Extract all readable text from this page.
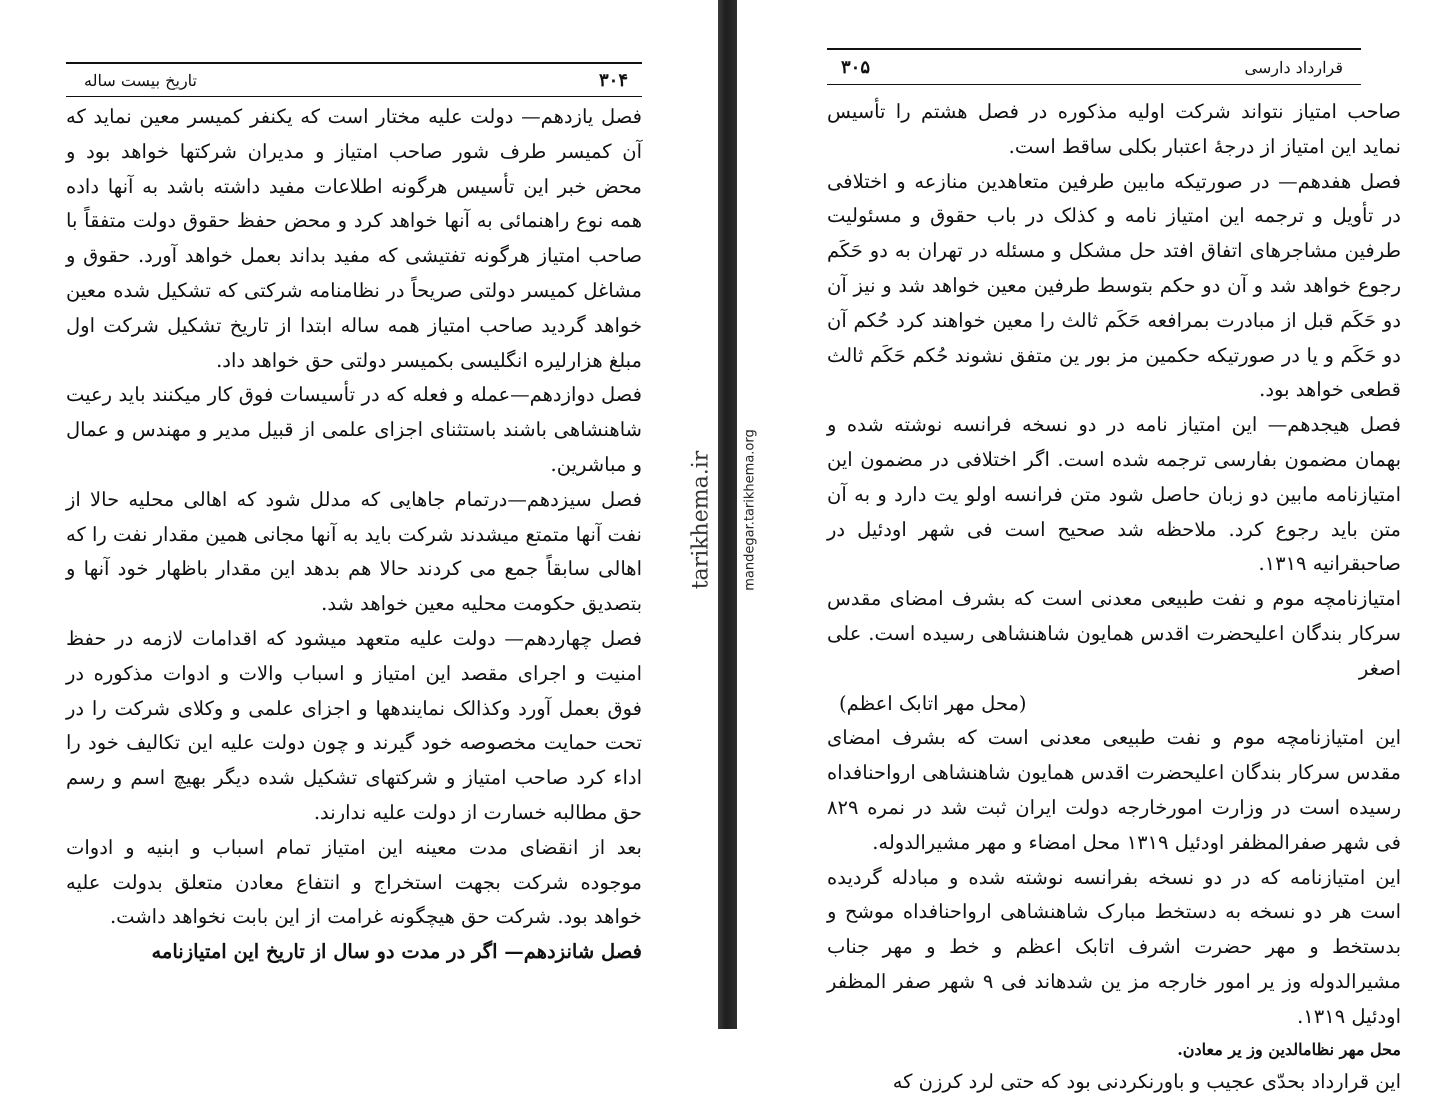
تاریخ بیست ساله	۳۰۴

فصل یازدهم— دولت علیه مختار است که یکنفر کمیسر معین نماید که آن کمیسر طرف شور صاحب امتیاز و مدیران شرکتها خواهد بود و محض خبر این تأسیس هرگونه اطلاعات مفید داشته باشد به آنها داده همه نوع راهنمائی به آنها خواهد کرد و محض حفظ حقوق دولت متفقاً با صاحب امتیاز هرگونه تفتیشی که مفید بداند بعمل خواهد آورد. حقوق و مشاغل کمیسر دولتی صریحاً در نظامنامه شرکتی که تشکیل شده معین خواهد گردید صاحب امتیاز همه ساله ابتدا از تاریخ تشکیل شرکت اول مبلغ هزارلیره انگلیسی بکمیسر دولتی حق خواهد داد.

فصل دوازدهم—عمله و فعله که در تأسیسات فوق کار میکنند باید رعیت شاهنشاهی باشند باستثنای اجزای علمی از قبیل مدیر و مهندس و عمال و مباشرین.

فصل سیزدهم—درتمام جاهایی که مدلل شود که اهالی محلیه حالا از نفت آنها متمتع میشدند شرکت باید به آنها مجانی همین مقدار نفت را که اهالی سابقاً جمع می کردند حالا هم بدهد این مقدار باظهار خود آنها و بتصدیق حکومت محلیه معین خواهد شد.

فصل چهاردهم— دولت علیه متعهد میشود که اقدامات لازمه در حفظ امنیت و اجرای مقصد این امتیاز و اسباب والات و ادوات مذکوره در فوق بعمل آورد وکذالک نمایندهها و اجزای علمی و وکلای شرکت را در تحت حمایت مخصوصه خود گیرند و چون دولت علیه این تکالیف خود را اداء کرد صاحب امتیاز و شرکتهای تشکیل شده دیگر بهیچ اسم و رسم حق مطالبه خسارت از دولت علیه ندارند.

بعد از انقضای مدت معینه این امتیاز تمام اسباب و ابنیه و ادوات موجوده شرکت بجهت استخراج و انتفاع معادن متعلق بدولت علیه خواهد بود. شرکت حق هیچگونه غرامت از این بابت نخواهد داشت.

فصل شانزدهم— اگر در مدت دو سال از تاریخ این امتیازنامه

۳۰۵	قرارداد دارسی

صاحب امتیاز نتواند شرکت اولیه مذکوره در فصل هشتم را تأسیس نماید این امتیاز از درجهٔ اعتبار بکلی ساقط است.

فصل هفدهم— در صورتیکه مابین طرفین متعاهدین منازعه و اختلافی در تأویل و ترجمه این امتیاز نامه و کذلک در باب حقوق و مسئولیت طرفین مشاجرهای اتفاق افتد حل مشکل و مسئله در تهران به دو حَکَم رجوع خواهد شد و آن دو حکم بتوسط طرفین معین خواهد شد و نیز آن دو حَکَم قبل از مبادرت بمرافعه حَکَم ثالث را معین خواهند کرد حُکم آن دو حَکَم و یا در صورتیکه حکمین مز بور ین متفق نشوند حُکم حَکَم ثالث قطعی خواهد بود.

فصل هیجدهم— این امتیاز نامه در دو نسخه فرانسه نوشته شده و بهمان مضمون بفارسی ترجمه شده است. اگر اختلافی در مضمون این امتیازنامه مابین دو زبان حاصل شود متن فرانسه اولو یت دارد و به آن متن باید رجوع کرد. ملاحظه شد صحیح است فی شهر اودئیل در صاحبقرانیه ۱۳۱۹.

امتیازنامچه موم و نفت طبیعی معدنی است که بشرف امضای مقدس سرکار بندگان اعلیحضرت اقدس همایون شاهنشاهی رسیده است. علی اصغر

(محل مهر اتابک اعظم)

این امتیازنامچه موم و نفت طبیعی معدنی است که بشرف امضای مقدس سرکار بندگان اعلیحضرت اقدس همایون شاهنشاهی ارواحنافداه رسیده است در وزارت امورخارجه دولت ایران ثبت شد در نمره ۸۲۹ فی شهر صفرالمظفر اودئیل ۱۳۱۹ محل امضاء و مهر مشیرالدوله.

این امتیازنامه که در دو نسخه بفرانسه نوشته شده و مبادله گردیده است هر دو نسخه به دستخط مبارک شاهنشاهی ارواحنافداه موشح و بدستخط و مهر حضرت اشرف اتابک اعظم و خط و مهر جناب مشیرالدوله وز یر امور خارجه مز ین شدهاند فی ۹ شهر صفر المظفر اودئیل ۱۳۱۹.

محل مهر نظامالدین وز یر معادن.

این قرارداد بحدّی عجیب و باورنکردنی بود که حتی لرد کرزن که

tarikhema.ir mandegar.tarikhema.org
